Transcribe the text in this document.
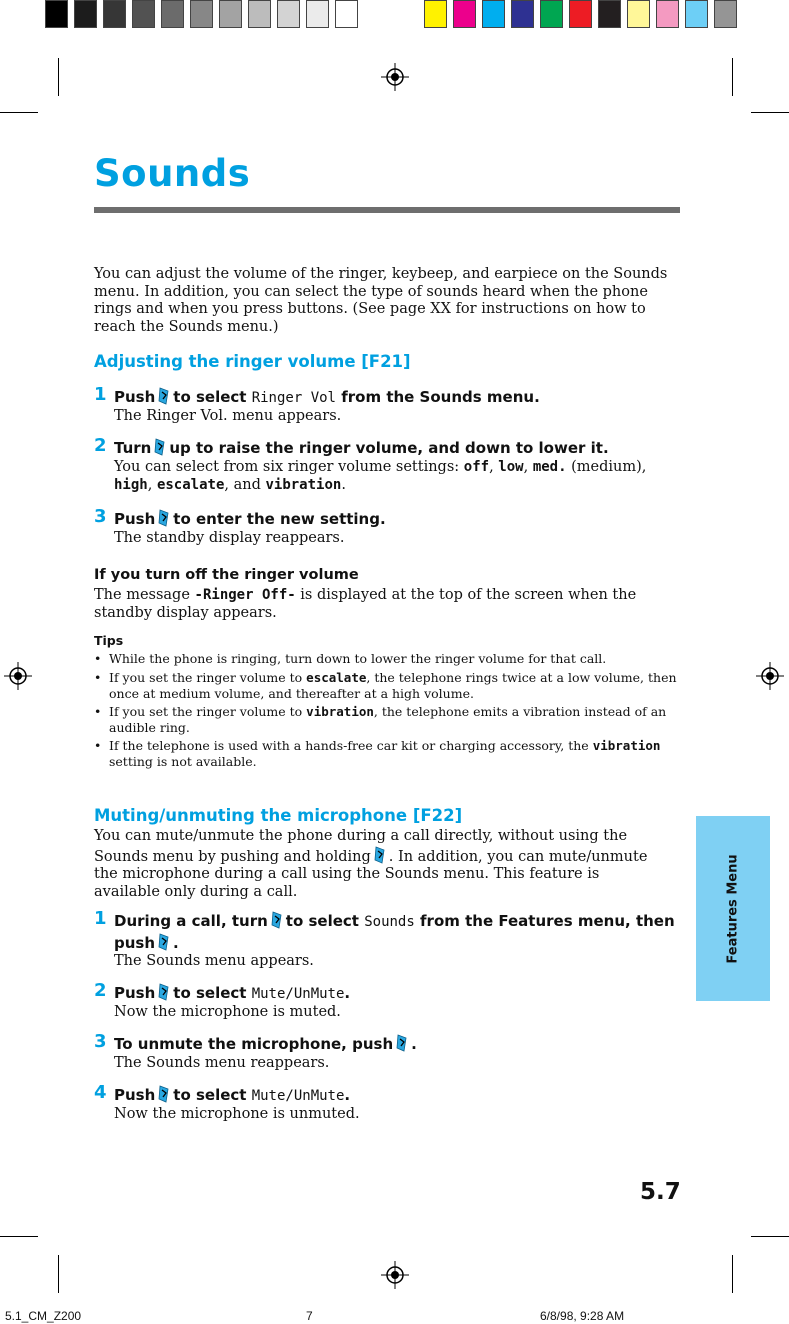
Sounds
You can adjust the volume of the ringer, keybeep, and earpiece on the Sounds menu. In addition, you can select the type of sounds heard when the phone rings and when you press buttons. (See page XX for instructions on how to reach the Sounds menu.)
Adjusting the ringer volume [F21]
1 Push to select Ringer Vol from the Sounds menu.
The Ringer Vol. menu appears.
2 Turn up to raise the ringer volume, and down to lower it.
You can select from six ringer volume settings: off, low, med. (medium),
high, escalate, and vibration.
3 Push to enter the new setting.
The standby display reappears.
If you turn off the ringer volume
The message -Ringer Off- is displayed at the top of the screen when the standby display appears.
Tips
• While the phone is ringing, turn down to lower the ringer volume for that call.
• If you set the ringer volume to escalate, the telephone rings twice at a low volume, then once at medium volume, and thereafter at a high volume.
• If you set the ringer volume to vibration, the telephone emits a vibration instead of an audible ring.
• If the telephone is used with a hands-free car kit or charging accessory, the vibration setting is not available.
Muting/unmuting the microphone [F22]
You can mute/unmute the phone during a call directly, without using the Sounds menu by pushing and holding . In addition, you can mute/unmute the microphone during a call using the Sounds menu. This feature is available only during a call.
1 During a call, turn to select Sounds from the Features menu, then
push .
The Sounds menu appears.
2 Push to select Mute/UnMute.
Now the microphone is muted.
3 To unmute the microphone, push .
The Sounds menu reappears.
4 Push to select Mute/UnMute.
Now the microphone is unmuted.
Features Menu
5.7
5.1_CM_Z200	7	6/8/98, 9:28 AM
